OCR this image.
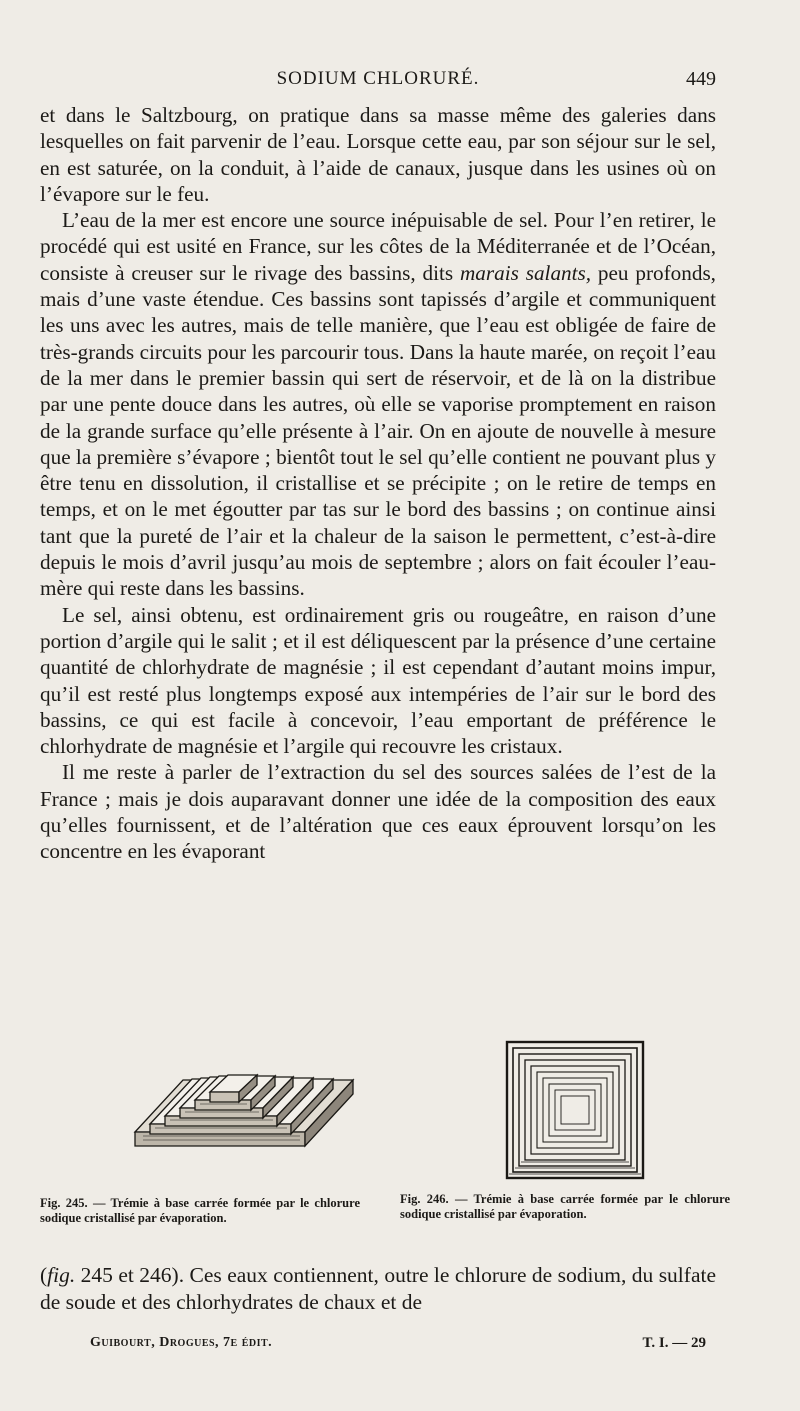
SODIUM CHLORURÉ.	449

et dans le Saltzbourg, on pratique dans sa masse même des galeries dans lesquelles on fait parvenir de l’eau. Lorsque cette eau, par son séjour sur le sel, en est saturée, on la conduit, à l’aide de canaux, jusque dans les usines où on l’évapore sur le feu.

L’eau de la mer est encore une source inépuisable de sel. Pour l’en retirer, le procédé qui est usité en France, sur les côtes de la Méditerranée et de l’Océan, consiste à creuser sur le rivage des bassins, dits marais salants, peu profonds, mais d’une vaste étendue. Ces bassins sont tapissés d’argile et communiquent les uns avec les autres, mais de telle manière, que l’eau est obligée de faire de très-grands circuits pour les parcourir tous. Dans la haute marée, on reçoit l’eau de la mer dans le premier bassin qui sert de réservoir, et de là on la distribue par une pente douce dans les autres, où elle se vaporise promptement en raison de la grande surface qu’elle présente à l’air. On en ajoute de nouvelle à mesure que la première s’évapore ; bientôt tout le sel qu’elle contient ne pouvant plus y être tenu en dissolution, il cristallise et se précipite ; on le retire de temps en temps, et on le met égoutter par tas sur le bord des bassins ; on continue ainsi tant que la pureté de l’air et la chaleur de la saison le permettent, c’est-à-dire depuis le mois d’avril jusqu’au mois de septembre ; alors on fait écouler l’eau-mère qui reste dans les bassins.

Le sel, ainsi obtenu, est ordinairement gris ou rougeâtre, en raison d’une portion d’argile qui le salit ; et il est déliquescent par la présence d’une certaine quantité de chlorhydrate de magnésie ; il est cependant d’autant moins impur, qu’il est resté plus longtemps exposé aux intempéries de l’air sur le bord des bassins, ce qui est facile à concevoir, l’eau emportant de préférence le chlorhydrate de magnésie et l’argile qui recouvre les cristaux.

Il me reste à parler de l’extraction du sel des sources salées de l’est de la France ; mais je dois auparavant donner une idée de la composition des eaux qu’elles fournissent, et de l’altération que ces eaux éprouvent lorsqu’on les concentre en les évaporant

Fig. 245. — Trémie à base carrée formée par le chlorure sodique cristallisé par évaporation.
Fig. 246. — Trémie à base carrée formée par le chlorure sodique cristallisé par évaporation.

(fig. 245 et 246). Ces eaux contiennent, outre le chlorure de sodium, du sulfate de soude et des chlorhydrates de chaux et de

Guibourt, Drogues, 7e édit.	T. I. — 29
